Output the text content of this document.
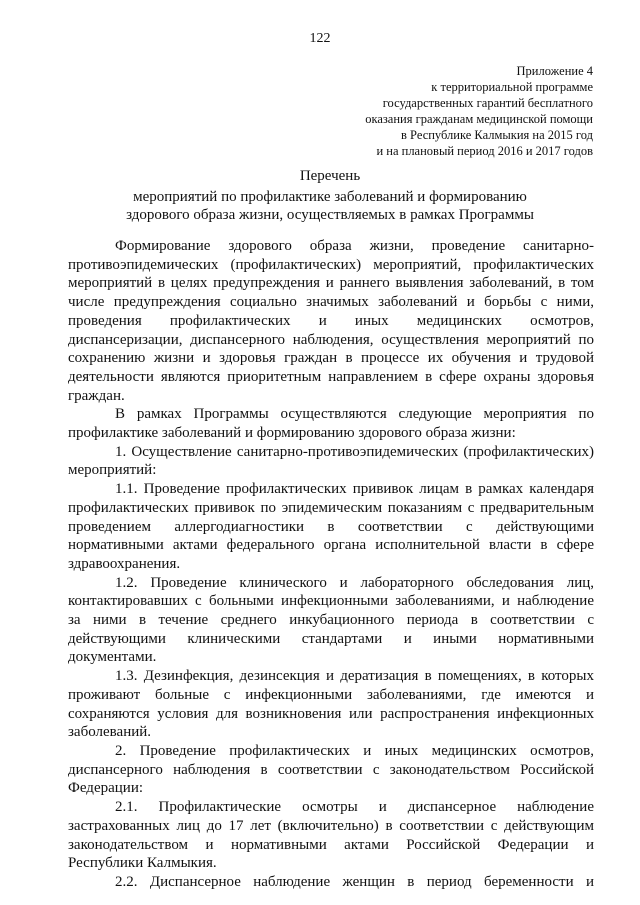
122
Приложение 4
к территориальной программе
государственных гарантий бесплатного
оказания гражданам медицинской помощи
в Республике Калмыкия на 2015 год
и на плановый период 2016 и 2017 годов
Перечень
мероприятий по профилактике заболеваний и формированию
здорового образа жизни, осуществляемых в рамках Программы
Формирование здорового образа жизни, проведение санитарно-
противоэпидемических (профилактических) мероприятий, профилактических
мероприятий в целях предупреждения и раннего выявления заболеваний, в том
числе предупреждения социально значимых заболеваний и борьбы с ними,
проведения профилактических и иных медицинских осмотров,
диспансеризации, диспансерного наблюдения, осуществления мероприятий по
сохранению жизни и здоровья граждан в процессе их обучения и трудовой
деятельности являются приоритетным направлением в сфере охраны здоровья
граждан.
В рамках Программы осуществляются следующие мероприятия по
профилактике заболеваний и формированию здорового образа жизни:
1. Осуществление санитарно-противоэпидемических (профилактических)
мероприятий:
1.1. Проведение профилактических прививок лицам в рамках календаря
профилактических прививок по эпидемическим показаниям с предварительным
проведением аллергодиагностики в соответствии с действующими
нормативными актами федерального органа исполнительной власти в сфере
здравоохранения.
1.2. Проведение клинического и лабораторного обследования лиц,
контактировавших с больными инфекционными заболеваниями, и наблюдение
за ними в течение среднего инкубационного периода в соответствии с
действующими клиническими стандартами и иными нормативными
документами.
1.3. Дезинфекция, дезинсекция и дератизация в помещениях, в которых
проживают больные с инфекционными заболеваниями, где имеются и
сохраняются условия для возникновения или распространения инфекционных
заболеваний.
2. Проведение профилактических и иных медицинских осмотров,
диспансерного наблюдения в соответствии с законодательством Российской
Федерации:
2.1. Профилактические осмотры и диспансерное наблюдение
застрахованных лиц до 17 лет (включительно) в соответствии с действующим
законодательством и нормативными актами Российской Федерации и
Республики Калмыкия.
2.2. Диспансерное наблюдение женщин в период беременности и
